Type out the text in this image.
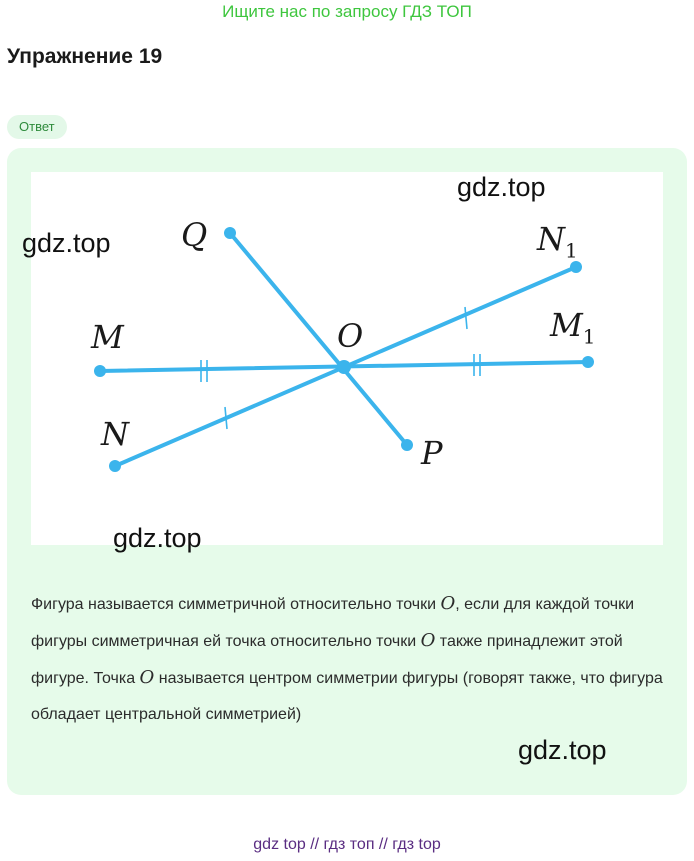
Ищите нас по запросу ГДЗ ТОП
Упражнение 19
Ответ
Q
O
P
M
N
$M_1$
$N_1$
Фигура называется симметричной относительно точки O, если для каждой точки фигуры симметричная ей точка относительно точки O также принадлежит этой фигуре. Точка O называется центром симметрии фигуры (говорят также, что фигура обладает центральной симметрией)
gdz.top
gdz.top
gdz.top
gdz.top
gdz top // гдз топ // гдз top
